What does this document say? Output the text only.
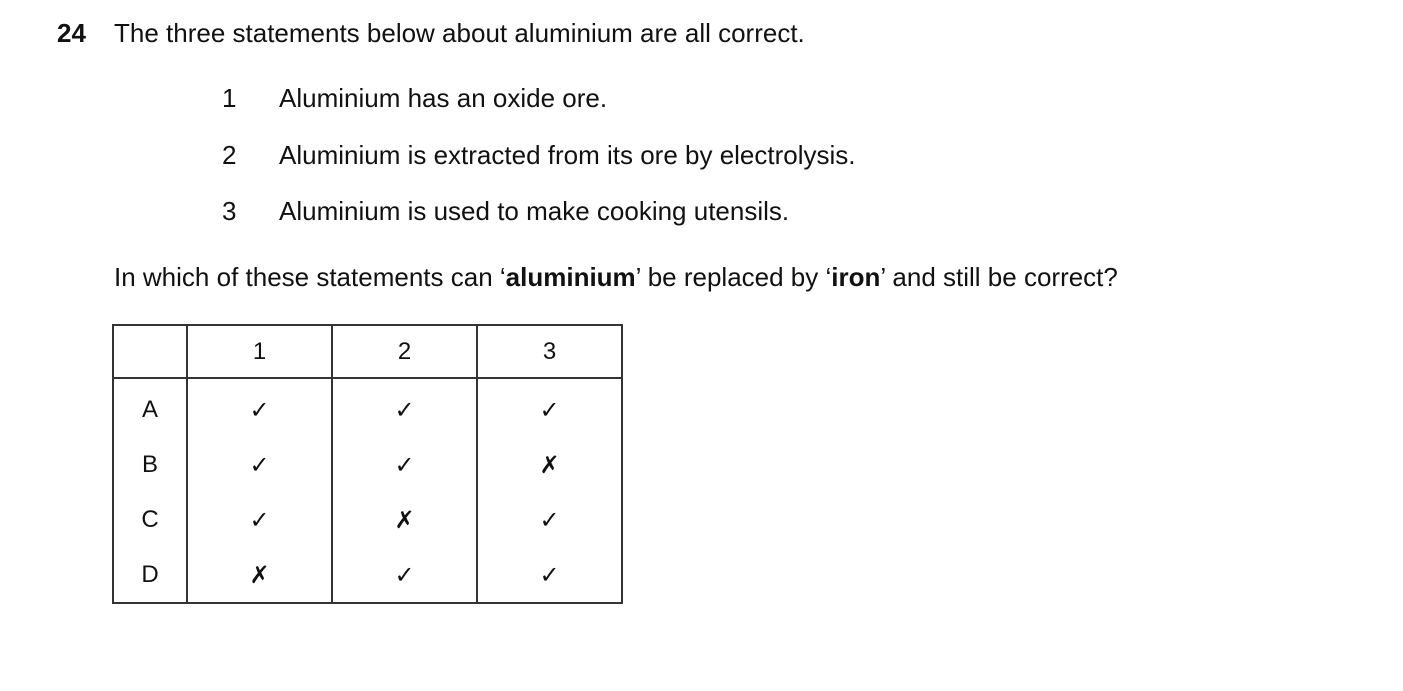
24 The three statements below about aluminium are all correct.
1 Aluminium has an oxide ore.
2 Aluminium is extracted from its ore by electrolysis.
3 Aluminium is used to make cooking utensils.
In which of these statements can ‘aluminium’ be replaced by ‘iron’ and still be correct?
	1	2	3
A	✓	✓	✓
B	✓	✓	✗
C	✓	✗	✓
D	✗	✓	✓
